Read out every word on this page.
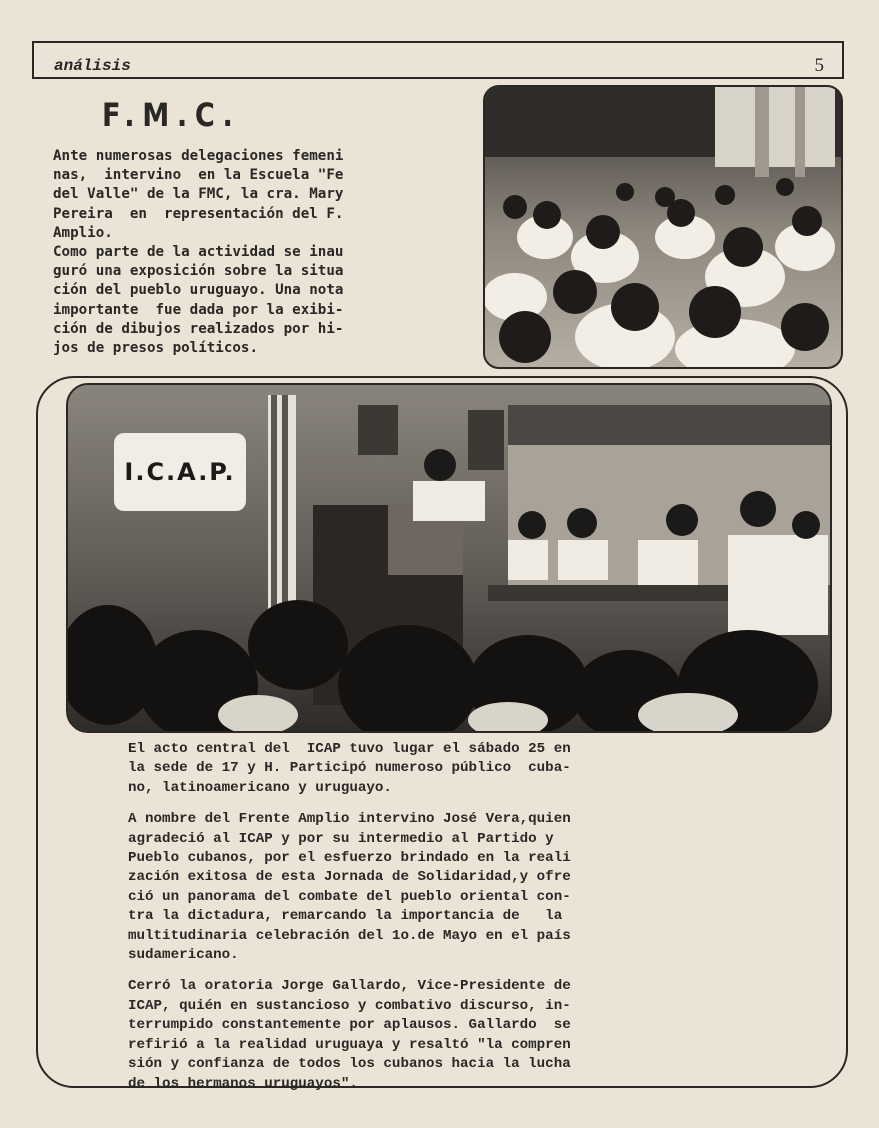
análisis	5
F.M.C.
Ante numerosas delegaciones femeni
nas,  intervino  en la Escuela "Fe
del Valle" de la FMC, la cra. Mary
Pereira  en  representación del F.
Amplio.
Como parte de la actividad se inau
guró una exposición sobre la situa
ción del pueblo uruguayo. Una nota
importante  fue dada por la exibi-
ción de dibujos realizados por hi-
jos de presos políticos.
I.C.A.P.

El acto central del  ICAP tuvo lugar el sábado 25 en
la sede de 17 y H. Participó numeroso público  cuba-
no, latinoamericano y uruguayo.

A nombre del Frente Amplio intervino José Vera,quien
agradeció al ICAP y por su intermedio al Partido y
Pueblo cubanos, por el esfuerzo brindado en la reali
zación exitosa de esta Jornada de Solidaridad,y ofre
ció un panorama del combate del pueblo oriental con-
tra la dictadura, remarcando la importancia de   la
multitudinaria celebración del 1o.de Mayo en el país
sudamericano.

Cerró la oratoria Jorge Gallardo, Vice-Presidente de
ICAP, quién en sustancioso y combativo discurso, in-
terrumpido constantemente por aplausos. Gallardo  se
refirió a la realidad uruguaya y resaltó "la compren
sión y confianza de todos los cubanos hacia la lucha
de los hermanos uruguayos".
